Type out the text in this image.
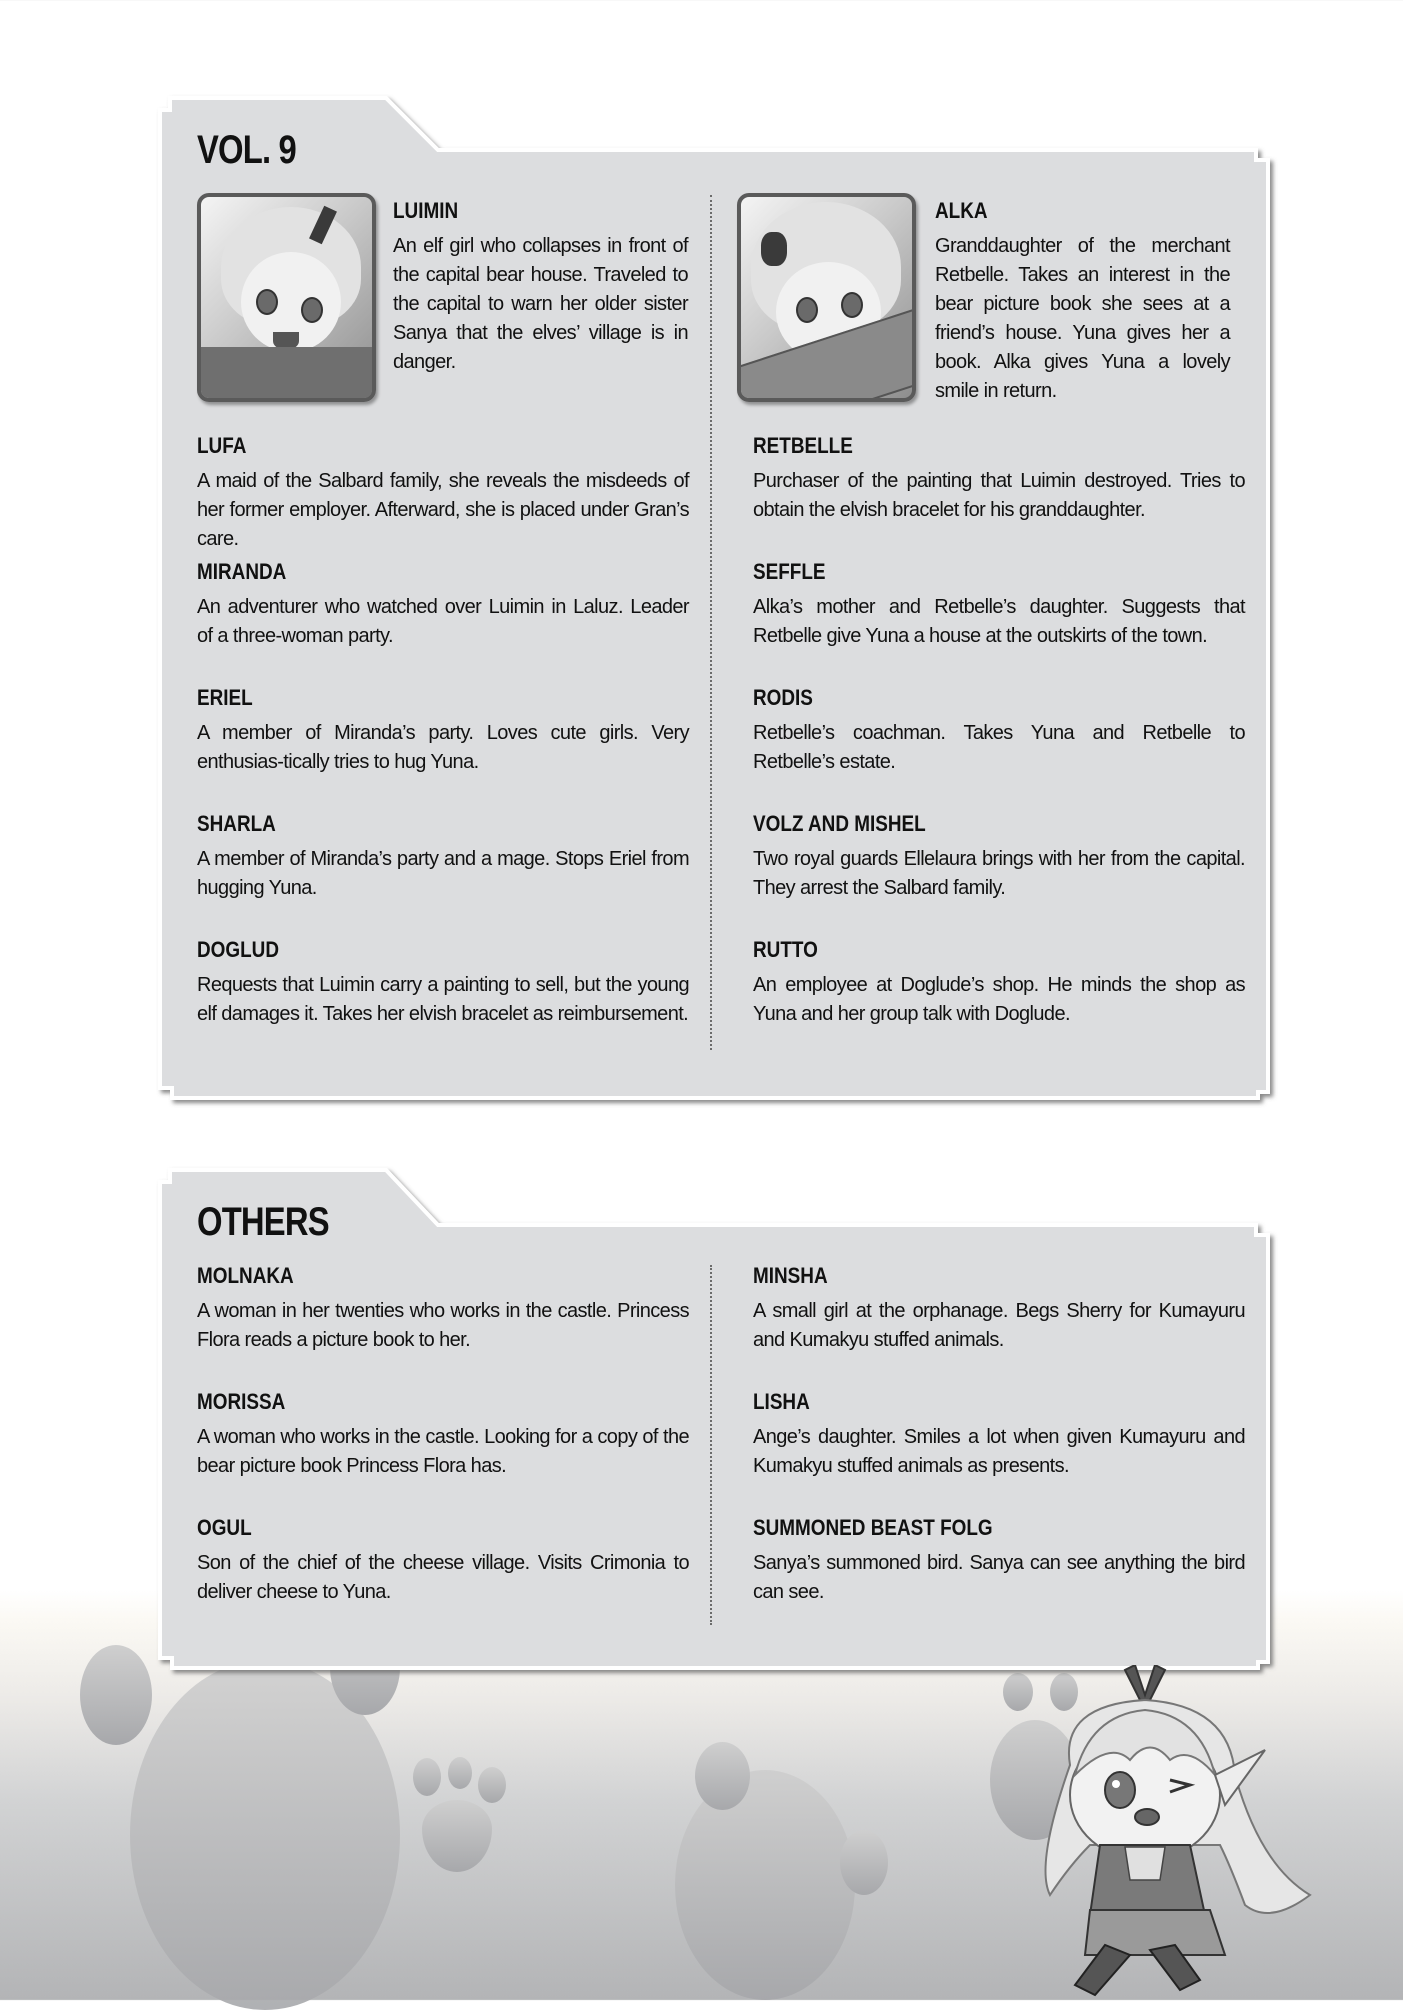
VOL. 9

LUIMIN

An elf girl who collapses in front of the capital bear house. Traveled to the capital to warn her older sister Sanya that the elves’ village is in danger.

ALKA

Granddaughter of the merchant Retbelle. Takes an interest in the bear picture book she sees at a friend’s house. Yuna gives her a book. Alka gives Yuna a lovely smile in return.

LUFA

A maid of the Salbard family, she reveals the misdeeds of her former employer. Afterward, she is placed under Gran’s care.

MIRANDA

An adventurer who watched over Luimin in Laluz. Leader of a three-woman party.

ERIEL

A member of Miranda’s party. Loves cute girls. Very enthusias-tically tries to hug Yuna.

SHARLA

A member of Miranda’s party and a mage. Stops Eriel from hugging Yuna.

DOGLUD

Requests that Luimin carry a painting to sell, but the young elf damages it. Takes her elvish bracelet as reimbursement.

RETBELLE

Purchaser of the painting that Luimin destroyed. Tries to obtain the elvish bracelet for his granddaughter.

SEFFLE

Alka’s mother and Retbelle’s daughter. Suggests that Retbelle give Yuna a house at the outskirts of the town.

RODIS

Retbelle’s coachman. Takes Yuna and Retbelle to Retbelle’s estate.

VOLZ AND MISHEL

Two royal guards Ellelaura brings with her from the capital. They arrest the Salbard family.

RUTTO

An employee at Doglude’s shop. He minds the shop as Yuna and her group talk with Doglude.

OTHERS

MOLNAKA

A woman in her twenties who works in the castle. Princess Flora reads a picture book to her.

MORISSA

A woman who works in the castle. Looking for a copy of the bear picture book Princess Flora has.

OGUL

Son of the chief of the cheese village. Visits Crimonia to deliver cheese to Yuna.

MINSHA

A small girl at the orphanage. Begs Sherry for Kumayuru and Kumakyu stuffed animals.

LISHA

Ange’s daughter. Smiles a lot when given Kumayuru and Kumakyu stuffed animals as presents.

SUMMONED BEAST FOLG

Sanya’s summoned bird. Sanya can see anything the bird can see.
